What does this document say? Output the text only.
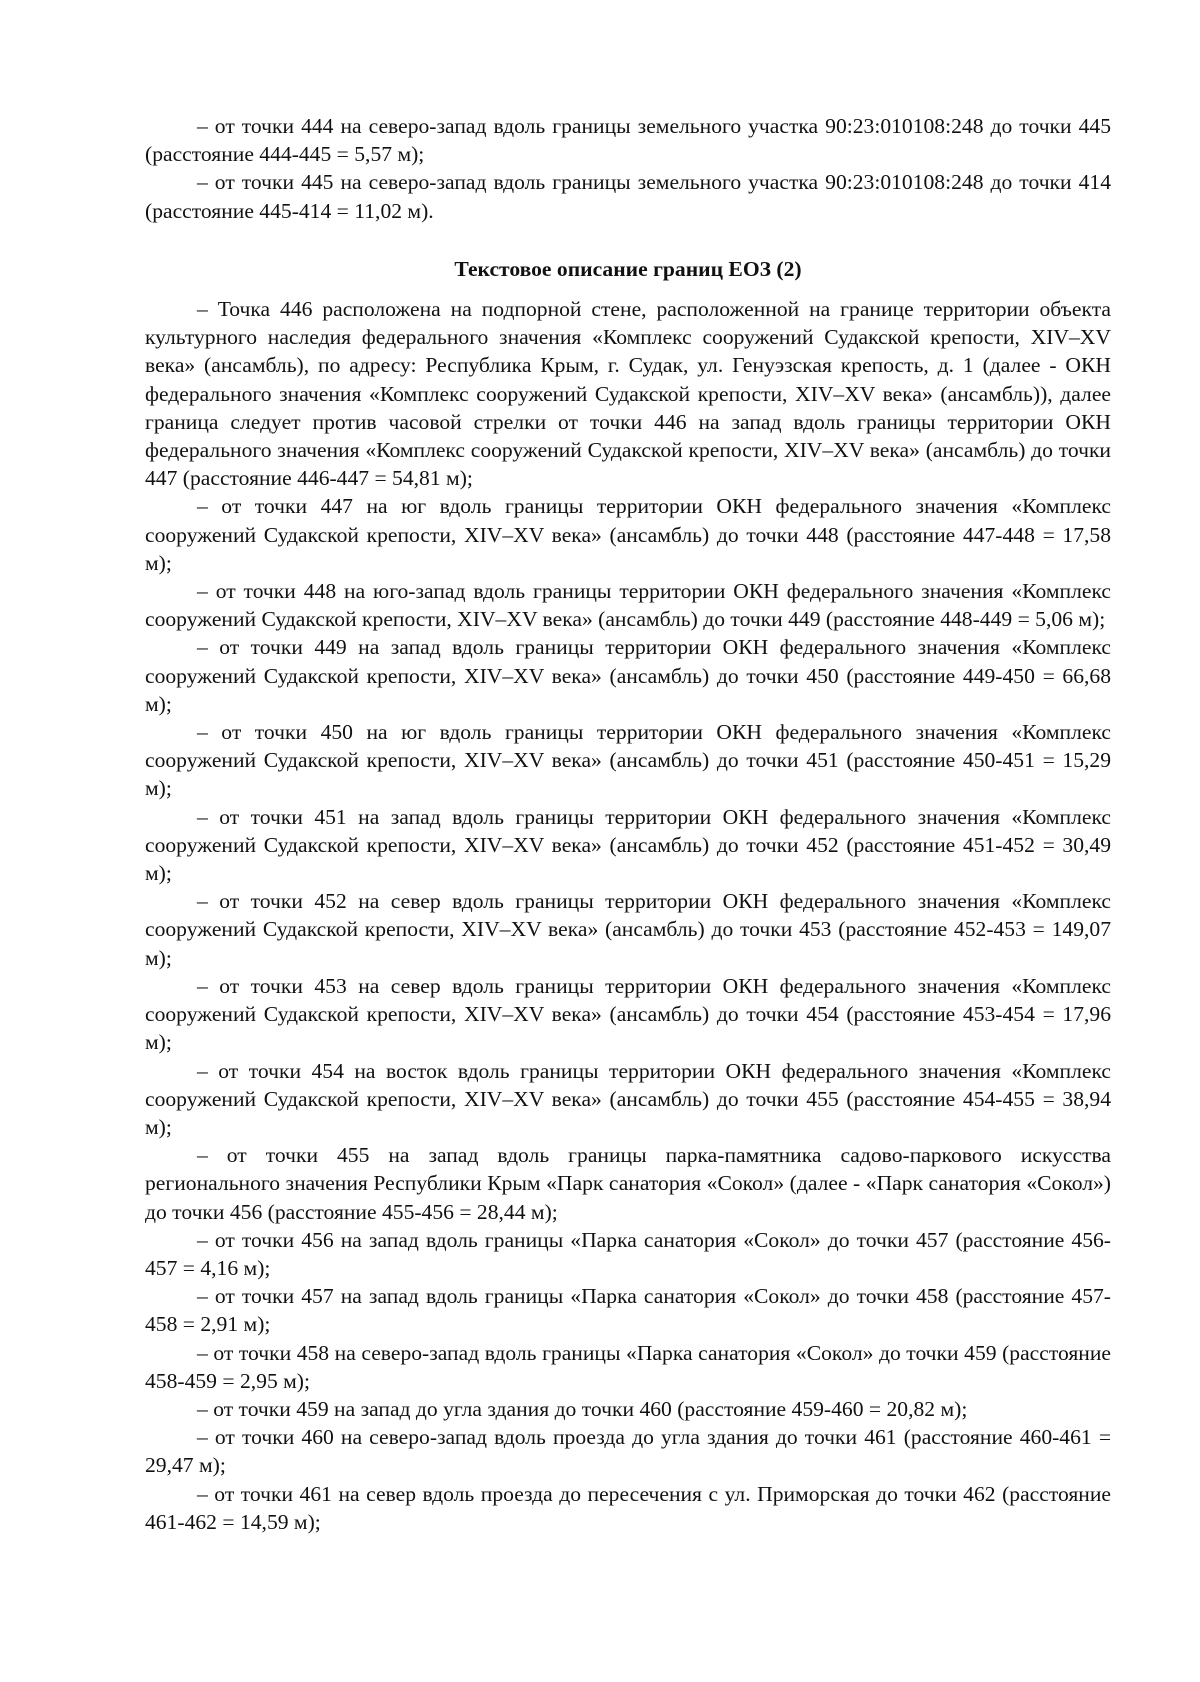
– от точки 444 на северо-запад вдоль границы земельного участка 90:23:010108:248 до точки 445 (расстояние 444-445 = 5,57 м);

– от точки 445 на северо-запад вдоль границы земельного участка 90:23:010108:248 до точки 414 (расстояние 445-414 = 11,02 м).

Текстовое описание границ ЕОЗ (2)

– Точка 446 расположена на подпорной стене, расположенной на границе территории объекта культурного наследия федерального значения «Комплекс сооружений Судакской крепости, XIV–XV века» (ансамбль), по адресу: Республика Крым, г. Судак, ул. Генуэзская крепость, д. 1 (далее - ОКН федерального значения «Комплекс сооружений Судакской крепости, XIV–XV века» (ансамбль)), далее граница следует против часовой стрелки от точки 446 на запад вдоль границы территории ОКН федерального значения «Комплекс сооружений Судакской крепости, XIV–XV века» (ансамбль) до точки 447 (расстояние 446-447 = 54,81 м);

– от точки 447 на юг вдоль границы территории ОКН федерального значения «Комплекс сооружений Судакской крепости, XIV–XV века» (ансамбль) до точки 448 (расстояние 447-448 = 17,58 м);

– от точки 448 на юго-запад вдоль границы территории ОКН федерального значения «Комплекс сооружений Судакской крепости, XIV–XV века» (ансамбль) до точки 449 (расстояние 448-449 = 5,06 м);

– от точки 449 на запад вдоль границы территории ОКН федерального значения «Комплекс сооружений Судакской крепости, XIV–XV века» (ансамбль) до точки 450 (расстояние 449-450 = 66,68 м);

– от точки 450 на юг вдоль границы территории ОКН федерального значения «Комплекс сооружений Судакской крепости, XIV–XV века» (ансамбль) до точки 451 (расстояние 450-451 = 15,29 м);

– от точки 451 на запад вдоль границы территории ОКН федерального значения «Комплекс сооружений Судакской крепости, XIV–XV века» (ансамбль) до точки 452 (расстояние 451-452 = 30,49 м);

– от точки 452 на север вдоль границы территории ОКН федерального значения «Комплекс сооружений Судакской крепости, XIV–XV века» (ансамбль) до точки 453 (расстояние 452-453 = 149,07 м);

– от точки 453 на север вдоль границы территории ОКН федерального значения «Комплекс сооружений Судакской крепости, XIV–XV века» (ансамбль) до точки 454 (расстояние 453-454 = 17,96 м);

– от точки 454 на восток вдоль границы территории ОКН федерального значения «Комплекс сооружений Судакской крепости, XIV–XV века» (ансамбль) до точки 455 (расстояние 454-455 = 38,94 м);

– от точки 455 на запад вдоль границы парка-памятника садово-паркового искусства регионального значения Республики Крым «Парк санатория «Сокол» (далее - «Парк санатория «Сокол») до точки 456 (расстояние 455-456 = 28,44 м);

– от точки 456 на запад вдоль границы «Парка санатория «Сокол» до точки 457 (расстояние 456-457 = 4,16 м);

– от точки 457 на запад вдоль границы «Парка санатория «Сокол» до точки 458 (расстояние 457-458 = 2,91 м);

– от точки 458 на северо-запад вдоль границы «Парка санатория «Сокол» до точки 459 (расстояние 458-459 = 2,95 м);

– от точки 459 на запад до угла здания до точки 460 (расстояние 459-460 = 20,82 м);

– от точки 460 на северо-запад вдоль проезда до угла здания до точки 461 (расстояние 460-461 = 29,47 м);

– от точки 461 на север вдоль проезда до пересечения с ул. Приморская до точки 462 (расстояние 461-462 = 14,59 м);
